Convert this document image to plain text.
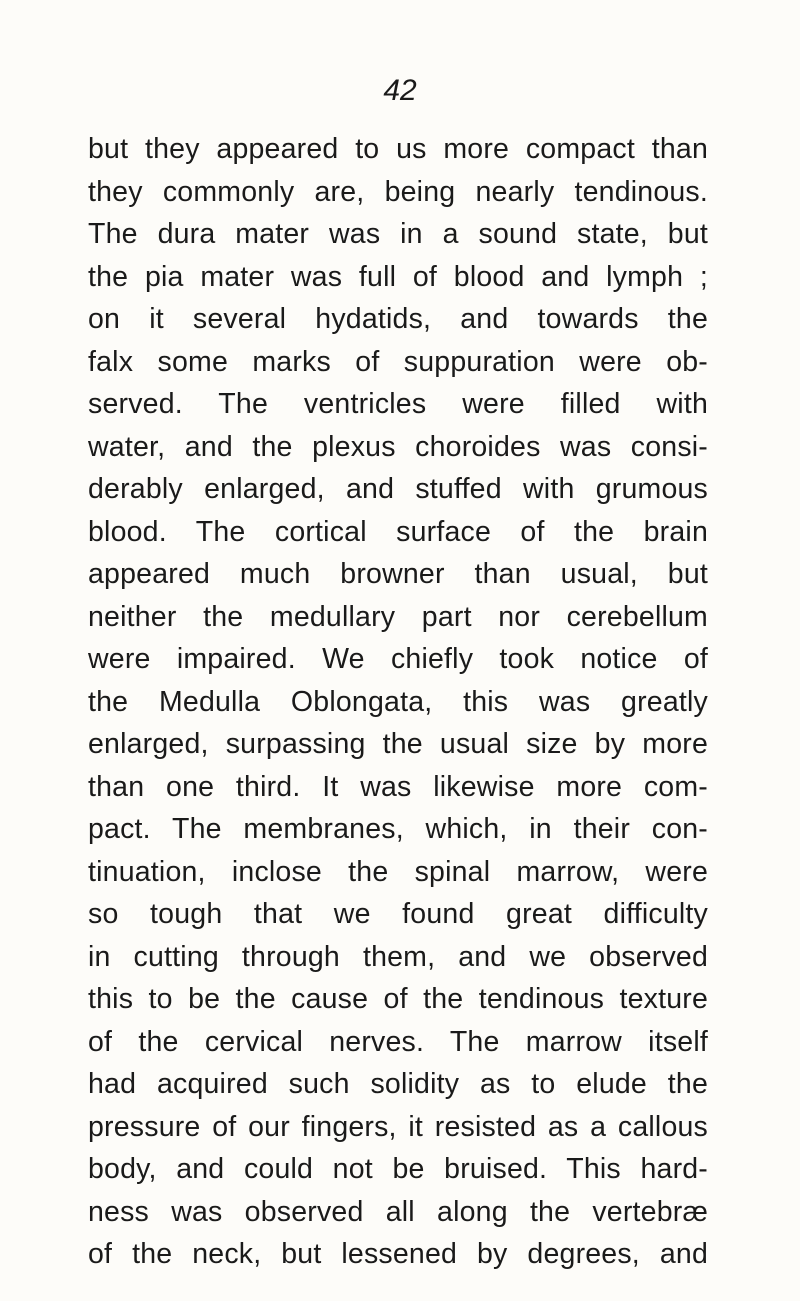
42
but they appeared to us more compact than
they commonly are, being nearly tendinous.
The dura mater was in a sound state, but
the pia mater was full of blood and lymph ;
on it several hydatids, and towards the
falx some marks of suppuration were ob-
served. The ventricles were filled with
water, and the plexus choroides was consi-
derably enlarged, and stuffed with grumous
blood. The cortical surface of the brain
appeared much browner than usual, but
neither the medullary part nor cerebellum
were impaired. We chiefly took notice of
the Medulla Oblongata, this was greatly
enlarged, surpassing the usual size by more
than one third. It was likewise more com-
pact. The membranes, which, in their con-
tinuation, inclose the spinal marrow, were
so tough that we found great difficulty
in cutting through them, and we observed
this to be the cause of the tendinous texture
of the cervical nerves. The marrow itself
had acquired such solidity as to elude the
pressure of our fingers, it resisted as a callous
body, and could not be bruised. This hard-
ness was observed all along the vertebræ
of the neck, but lessened by degrees, and
